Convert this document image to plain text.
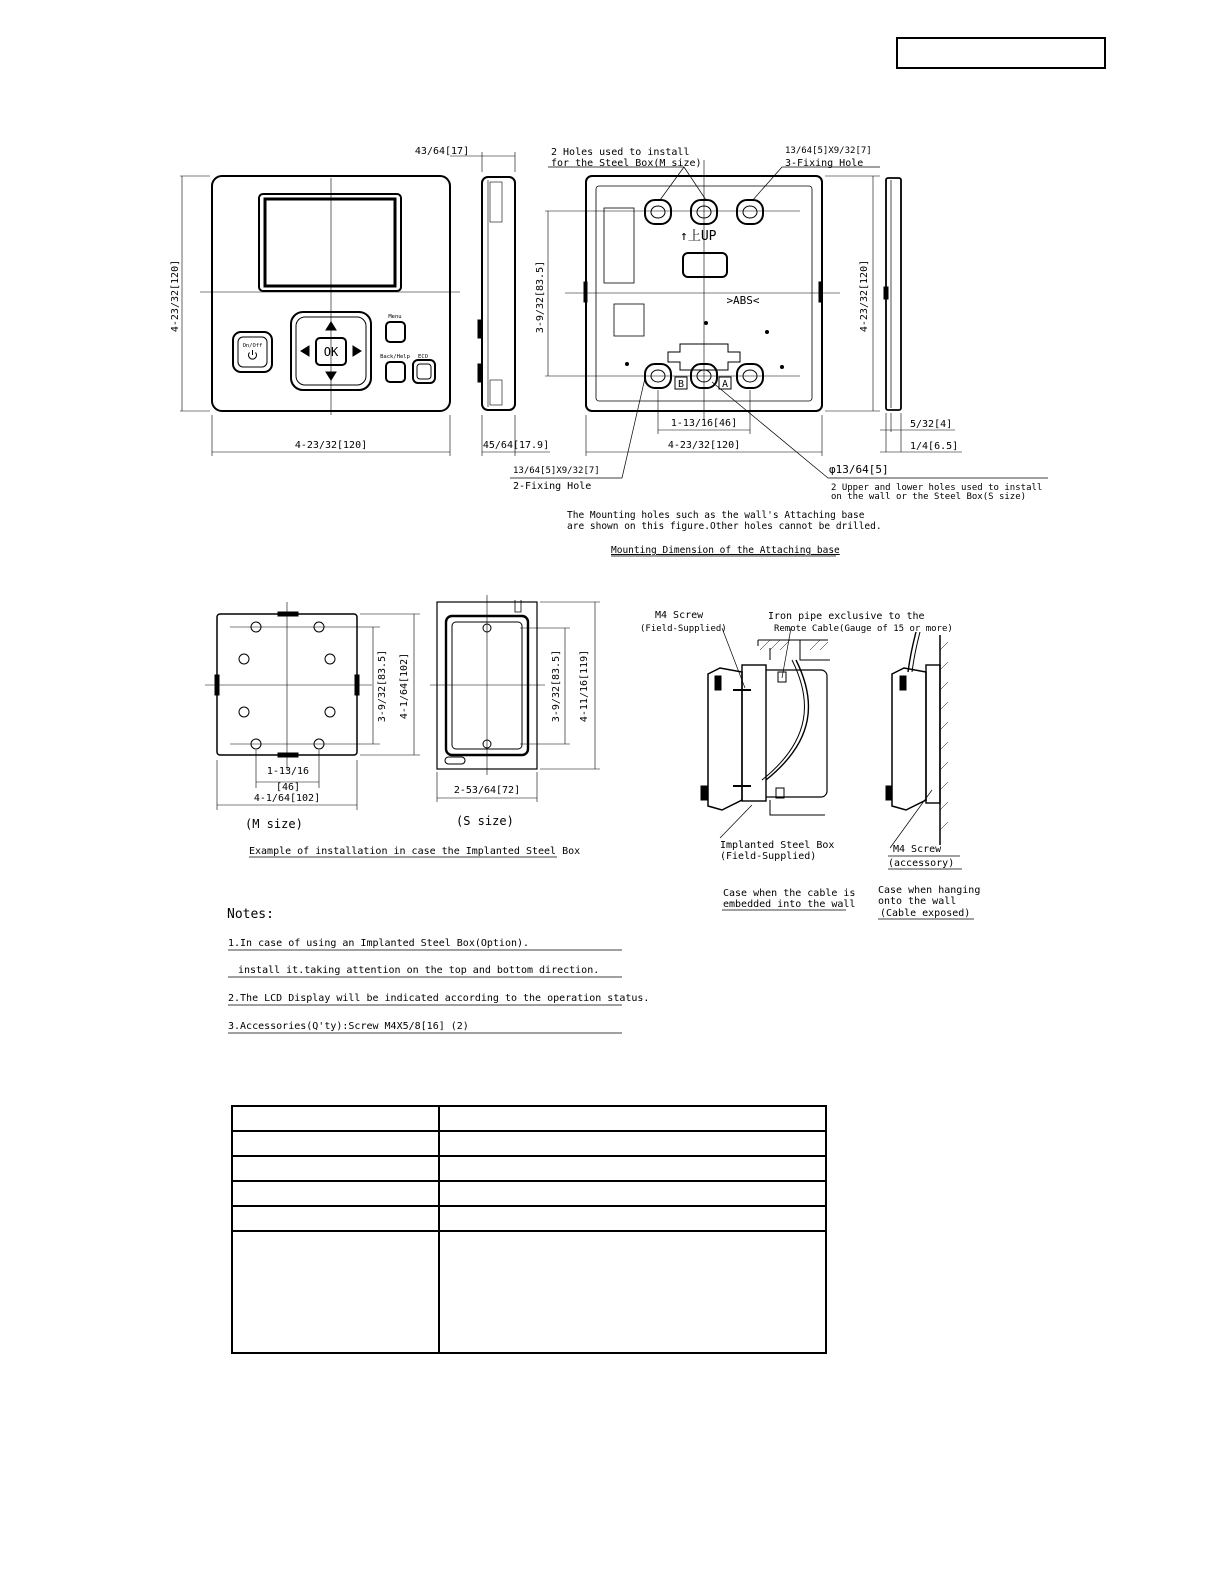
OK
On/Off
Menu
Back/Help ECO
4-23/32[120]
4-23/32[120]
43/64[17]
45/64[17.9]
↑上UP
>ABS<
B	A
2 Holes used to install
for the Steel Box(M size)
13/64[5]X9/32[7]
3-Fixing Hole
3-9/32[83.5]	4-23/32[120]
1-13/16[46]
4-23/32[120]
13/64[5]X9/32[7]
2-Fixing Hole
φ13/64[5]
2 Upper and lower holes used to install
on the wall or the Steel Box(S size)
The Mounting holes such as the wall's Attaching base
are shown on this figure.Other holes cannot be drilled.
Mounting Dimension of the Attaching base
5/32[4]
1/4[6.5]
3-9/32[83.5] 4-1/64[102]
1-13/16
[46]
4-1/64[102]
(M size)
3-9/32[83.5] 4-11/16[119]
2-53/64[72]
(S size)
Example of installation in case the Implanted Steel Box
M4 Screw
(Field-Supplied)
Iron pipe exclusive to the
Remote Cable(Gauge of 15 or more)
Implanted Steel Box
(Field-Supplied)
M4 Screw
(accessory)
Case when the cable is
embedded into the wall
Case when hanging
onto the wall
(Cable exposed)
Notes:
1.In case of using an Implanted Steel Box(Option).
install it.taking attention on the top and bottom direction.
2.The LCD Display will be indicated according to the operation status.
3.Accessories(Q'ty):Screw M4X5/8[16] (2)
